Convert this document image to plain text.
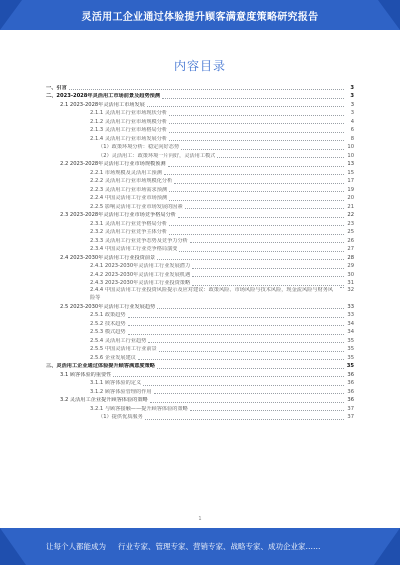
灵活用工企业通过体验提升顾客满意度策略研究报告
内容目录
一、引言	3
二、2023-2028年灵活用工市场前景及趋势预测	3
2.1 2023-2028年灵活用工市场发展	3
2.1.1 灵活用工行业市场现状分析	3
2.1.2 灵活用工行业市场规模分析	4
2.1.3 灵活用工行业市场格局分析	6
2.1.4 灵活用工行业市场发展分析	8
（1）政策环境分析：稳定向好态势	10
（2）灵活用工：政策环境一片向好，灵活用工模式	10
2.2 2023-2028年灵活用工行业市场规模预测	13
2.2.1 市场规模及灵活用工预测	15
2.2.2 灵活用工行业市场规模化分析	17
2.2.3 灵活用工行业市场需求预测	19
2.2.4 中国灵活用工行业市场预测	20
2.2.5 影响灵活用工行业市场发展的因素	21
2.3 2023-2028年灵活用工行业市场竞争格局分析	22
2.3.1 灵活用工行业竞争格局分析	23
2.3.2 灵活用工行业竞争主体分析	25
2.3.3 灵活用工行业竞争态势及竞争力分析	26
2.3.4 中国灵活用工行业竞争格局演变	27
2.4 2023-2030年灵活用工行业投资前景	28
2.4.1 2023-2030年灵活用工行业发展潜力	29
2.4.2 2023-2030年灵活用工行业发展机遇	30
2.4.3 2023-2030年灵活用工行业投资策略	31
2.4.4 中国灵活用工行业投资风险提示及应对建议：政策风险、市场风险与技术风险，现金流风险与财务风险等
32
2.5 2023-2030年灵活用工行业发展趋势	33
2.5.1 政策趋势	33
2.5.2 技术趋势	34
2.5.3 模式趋势	34
2.5.4 灵活用工行业趋势	35
2.5.5 中国灵活用工行业前景	35
2.5.6 企业发展建议	35
三、灵活用工企业通过体验提升顾客满意度策略	35
3.1 顾客体验的重要性	36
3.1.1 顾客体验的定义	36
3.1.2 顾客体验管理的作用	36
3.2 灵活用工企业提升顾客体验的策略	36
3.2.1 与顾客接触——提升顾客体验的策略	37
（1）提供优质服务	37
1
让每个人都能成为 行业专家、管理专家、营销专家、战略专家、成功企业家……
